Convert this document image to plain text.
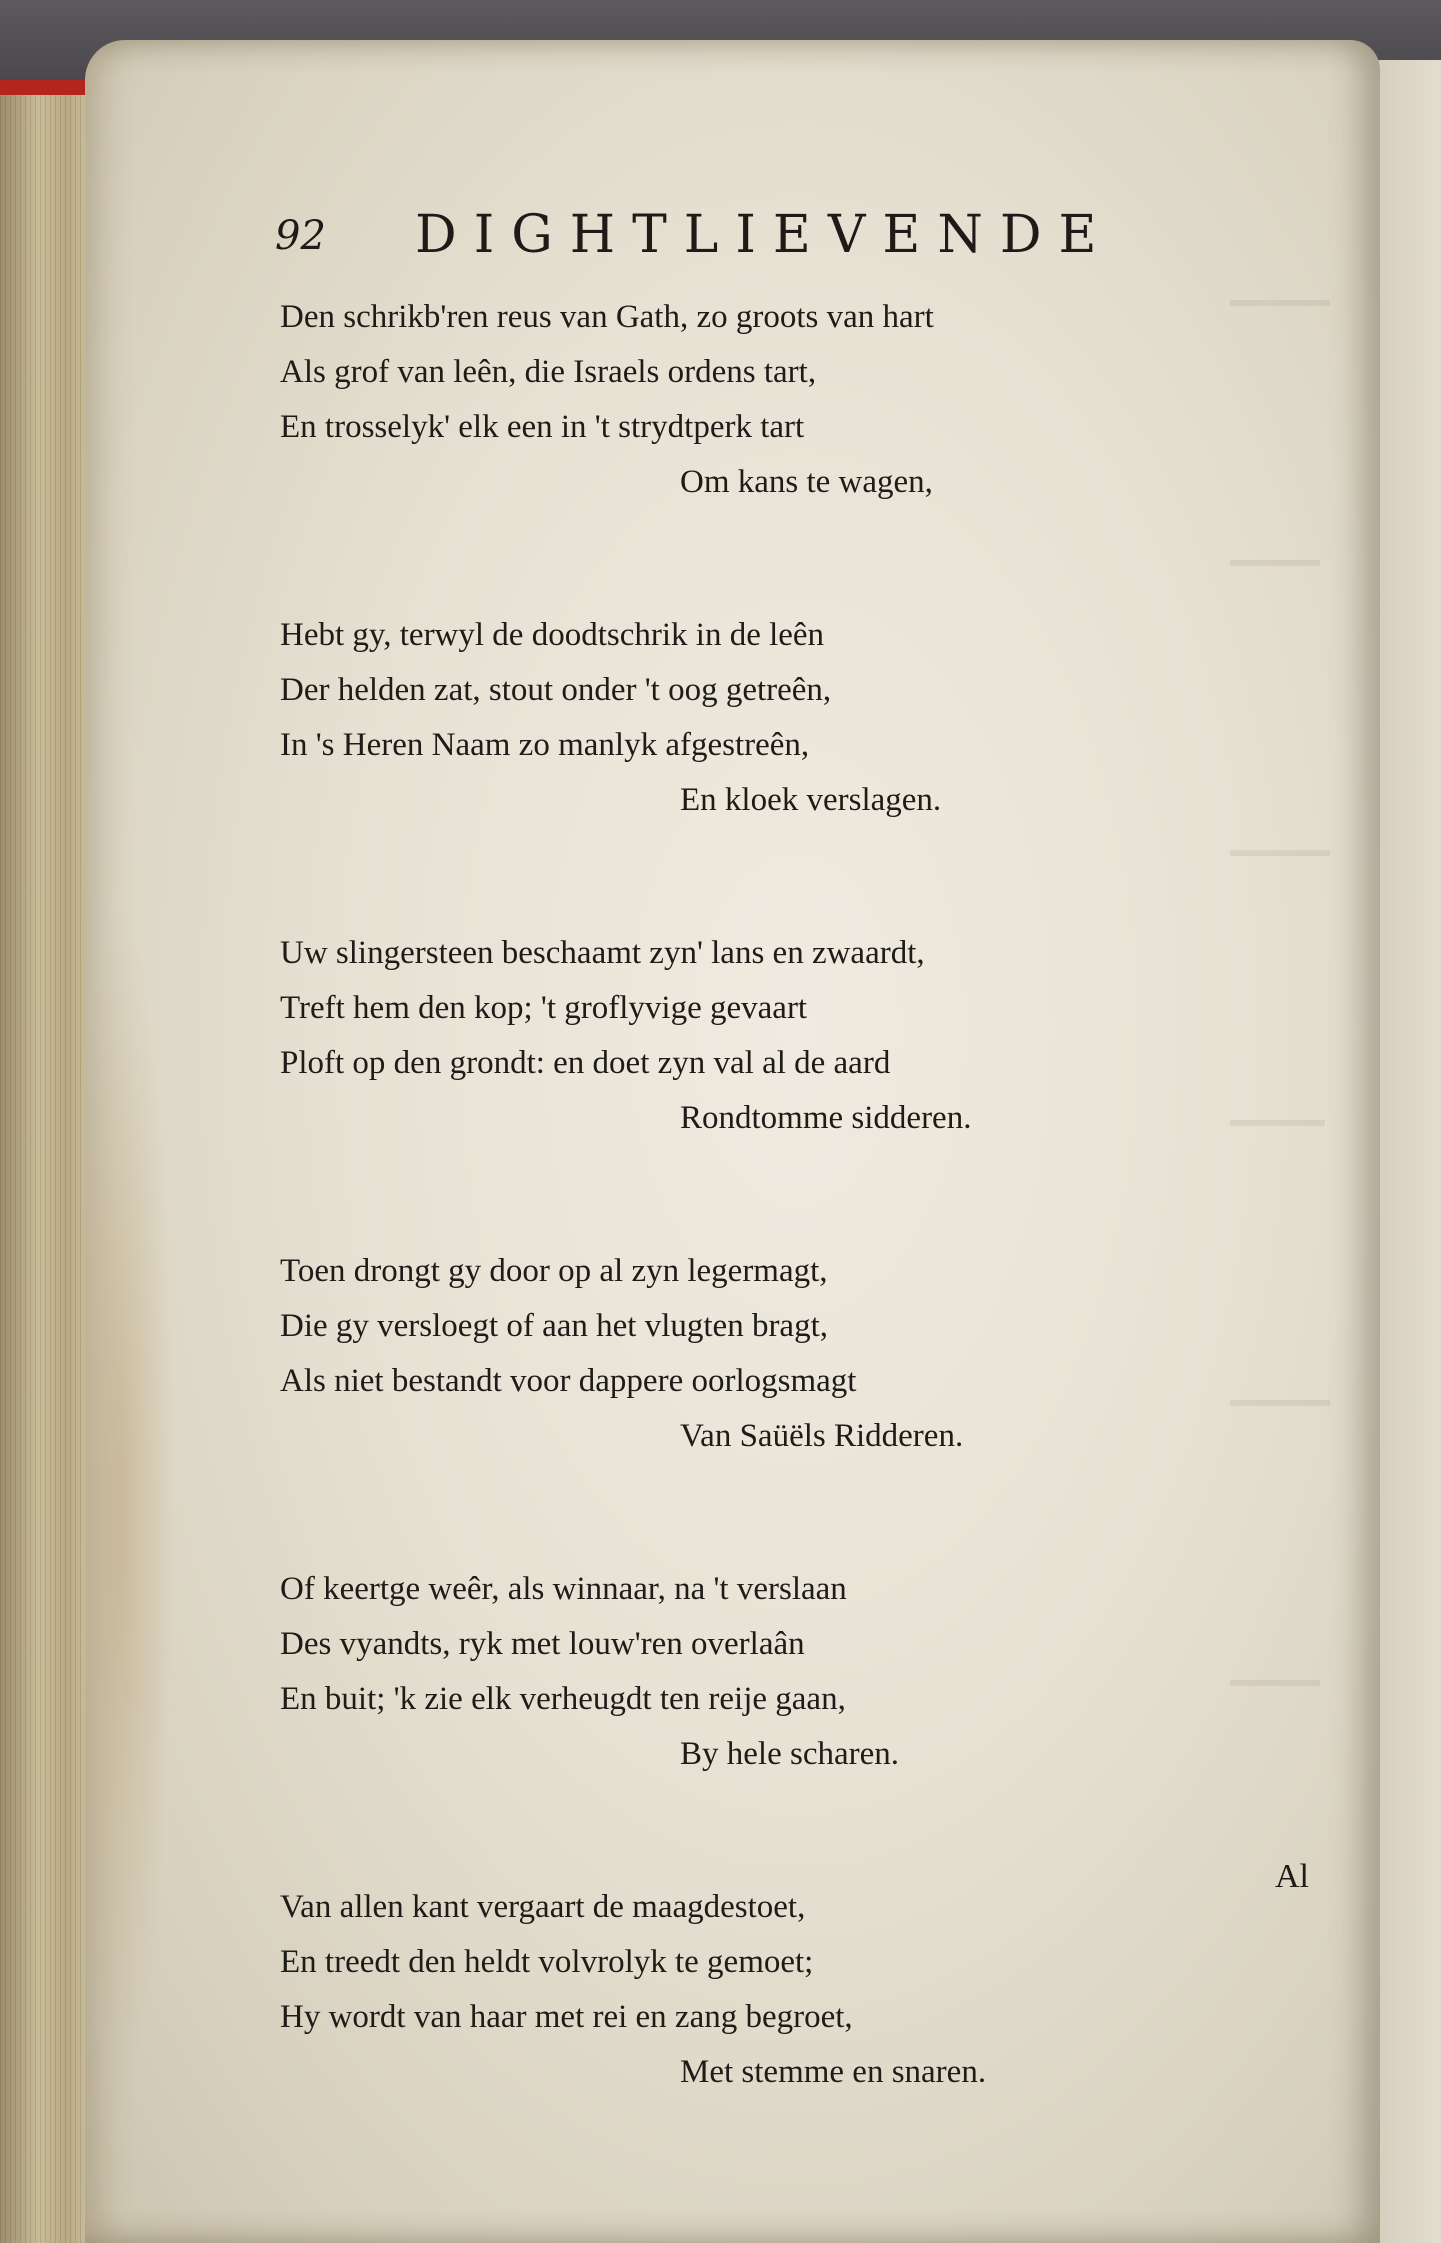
92 DIGHTLIEVENDE
Den schrikb'ren reus van Gath, zo groots van hart
Als grof van leên, die Israels ordens tart,
En trosselyk' elk een in 't strydtperk tart
Om kans te wagen,
Hebt gy, terwyl de doodtschrik in de leên
Der helden zat, stout onder 't oog getreên,
In 's Heren Naam zo manlyk afgestreên,
En kloek verslagen.
Uw slingersteen beschaamt zyn' lans en zwaardt,
Treft hem den kop; 't groflyvige gevaart
Ploft op den grondt: en doet zyn val al de aard
Rondtomme sidderen.
Toen drongt gy door op al zyn legermagt,
Die gy versloegt of aan het vlugten bragt,
Als niet bestandt voor dappere oorlogsmagt
Van Saüëls Ridderen.
Of keertge weêr, als winnaar, na 't verslaan
Des vyandts, ryk met louw'ren overlaân
En buit; 'k zie elk verheugdt ten reije gaan,
By hele scharen.
Van allen kant vergaart de maagdestoet,
En treedt den heldt volvrolyk te gemoet;
Hy wordt van haar met rei en zang begroet,
Met stemme en snaren.
Al
